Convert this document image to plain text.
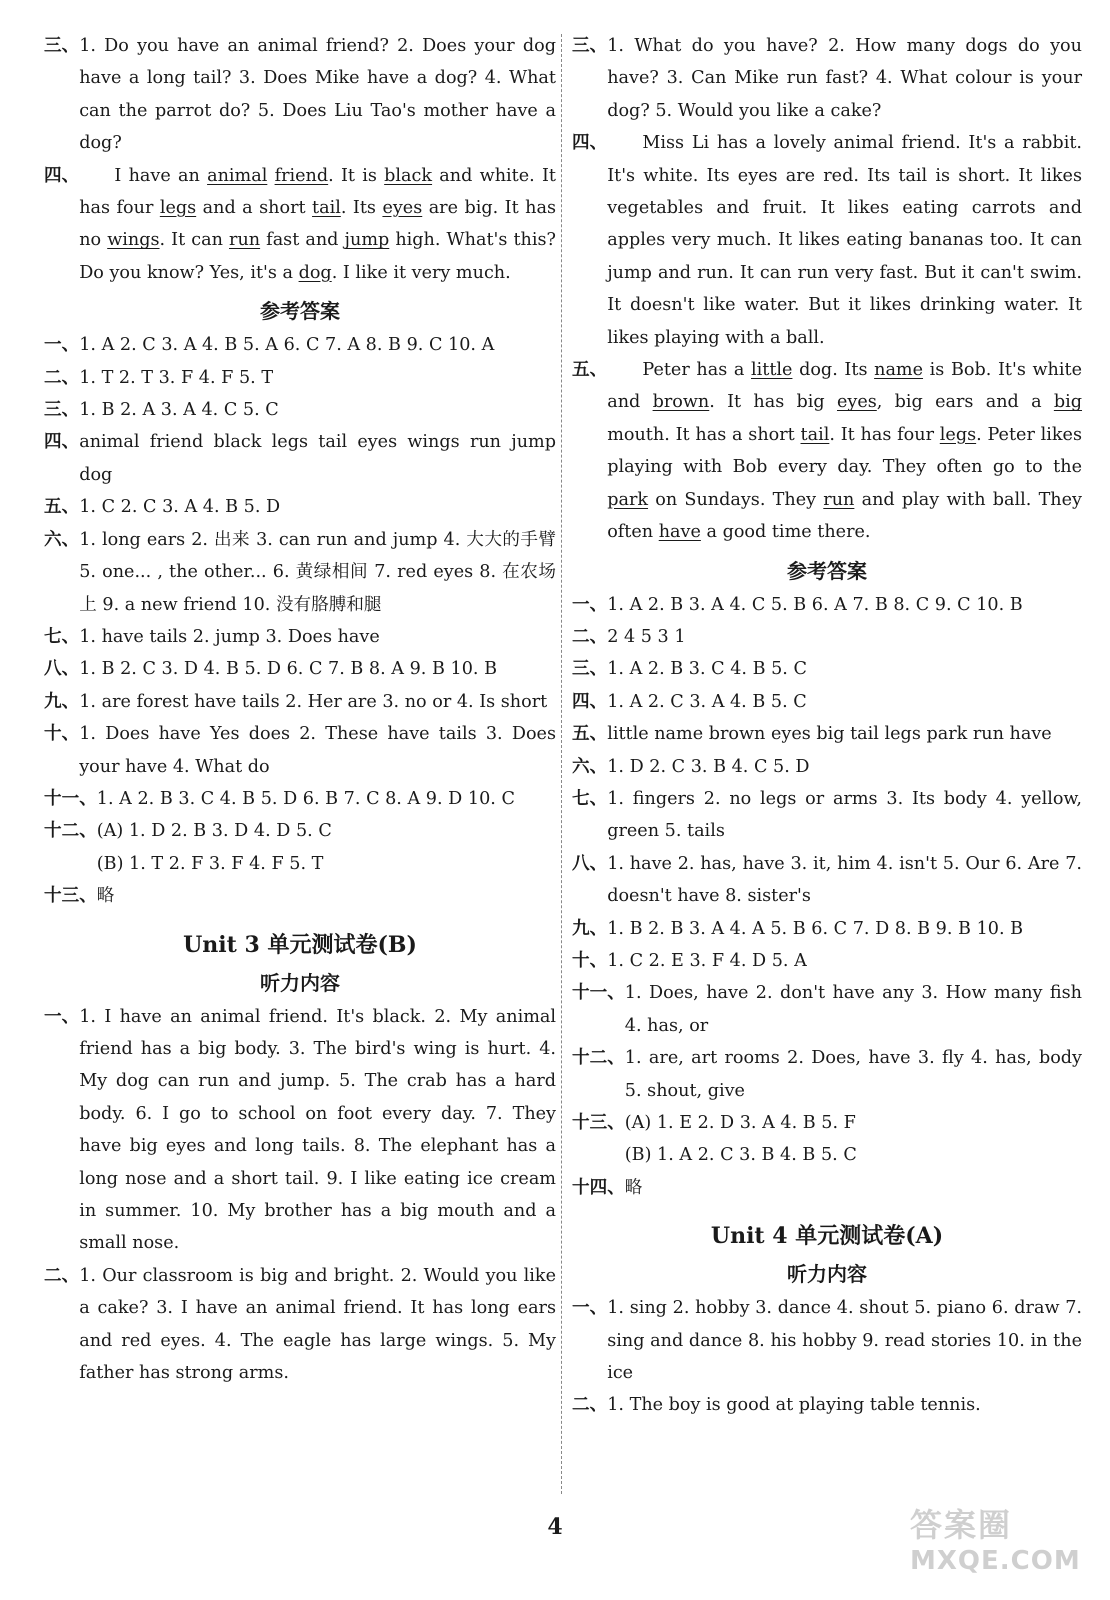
三、 1. Do you have an animal friend? 2. Does your dog have a long tail? 3. Does Mike have a dog? 4. What can the parrot do? 5. Does Liu Tao's mother have a dog?
四、	I have an animal friend. It is black and white. It has four legs and a short tail. Its eyes are big. It has no wings. It can run fast and jump high. What's this? Do you know? Yes, it's a dog. I like it very much.
参考答案
一、 1. A 2. C 3. A 4. B 5. A 6. C 7. A 8. B 9. C 10. A
二、 1. T 2. T 3. F 4. F 5. T
三、 1. B 2. A 3. A 4. C 5. C
四、 animal friend black legs tail eyes wings run jump dog
五、 1. C 2. C 3. A 4. B 5. D
六、 1. long ears 2. 出来 3. can run and jump 4. 大大的手臂 5. one... , the other... 6. 黄绿相间 7. red eyes 8. 在农场上 9. a new friend 10. 没有胳膊和腿
七、 1. have tails 2. jump 3. Does have
八、 1. B 2. C 3. D 4. B 5. D 6. C 7. B 8. A 9. B 10. B
九、 1. are forest have tails 2. Her are 3. no or 4. Is short
十、 1. Does have Yes does 2. These have tails 3. Does your have 4. What do
十一、 1. A 2. B 3. C 4. B 5. D 6. B 7. C 8. A 9. D 10. C
十二、 (A) 1. D 2. B 3. D 4. D 5. C
(B) 1. T 2. F 3. F 4. F 5. T
十三、 略
Unit 3 单元测试卷(B)
听力内容
一、 1. I have an animal friend. It's black. 2. My animal friend has a big body. 3. The bird's wing is hurt. 4. My dog can run and jump. 5. The crab has a hard body. 6. I go to school on foot every day. 7. They have big eyes and long tails. 8. The elephant has a long nose and a short tail. 9. I like eating ice cream in summer. 10. My brother has a big mouth and a small nose.
二、 1. Our classroom is big and bright. 2. Would you like a cake? 3. I have an animal friend. It has long ears and red eyes. 4. The eagle has large wings. 5. My father has strong arms.
三、 1. What do you have? 2. How many dogs do you have? 3. Can Mike run fast? 4. What colour is your dog? 5. Would you like a cake?
四、	Miss Li has a lovely animal friend. It's a rabbit. It's white. Its eyes are red. Its tail is short. It likes vegetables and fruit. It likes eating carrots and apples very much. It likes eating bananas too. It can jump and run. It can run very fast. But it can't swim. It doesn't like water. But it likes drinking water. It likes playing with a ball.
五、	Peter has a little dog. Its name is Bob. It's white and brown. It has big eyes, big ears and a big mouth. It has a short tail. It has four legs. Peter likes playing with Bob every day. They often go to the park on Sundays. They run and play with ball. They often have a good time there.
参考答案
一、 1. A 2. B 3. A 4. C 5. B 6. A 7. B 8. C 9. C 10. B
二、 2 4 5 3 1
三、 1. A 2. B 3. C 4. B 5. C
四、 1. A 2. C 3. A 4. B 5. C
五、 little name brown eyes big tail legs park run have
六、 1. D 2. C 3. B 4. C 5. D
七、 1. fingers 2. no legs or arms 3. Its body 4. yellow, green 5. tails
八、 1. have 2. has, have 3. it, him 4. isn't 5. Our 6. Are 7. doesn't have 8. sister's
九、 1. B 2. B 3. A 4. A 5. B 6. C 7. D 8. B 9. B 10. B
十、 1. C 2. E 3. F 4. D 5. A
十一、 1. Does, have 2. don't have any 3. How many fish 4. has, or
十二、 1. are, art rooms 2. Does, have 3. fly 4. has, body 5. shout, give
十三、 (A) 1. E 2. D 3. A 4. B 5. F
(B) 1. A 2. C 3. B 4. B 5. C
十四、 略
Unit 4 单元测试卷(A)
听力内容
一、 1. sing 2. hobby 3. dance 4. shout 5. piano 6. draw 7. sing and dance 8. his hobby 9. read stories 10. in the ice
二、 1. The boy is good at playing table tennis.
4	答案圈
MXQE.COM
